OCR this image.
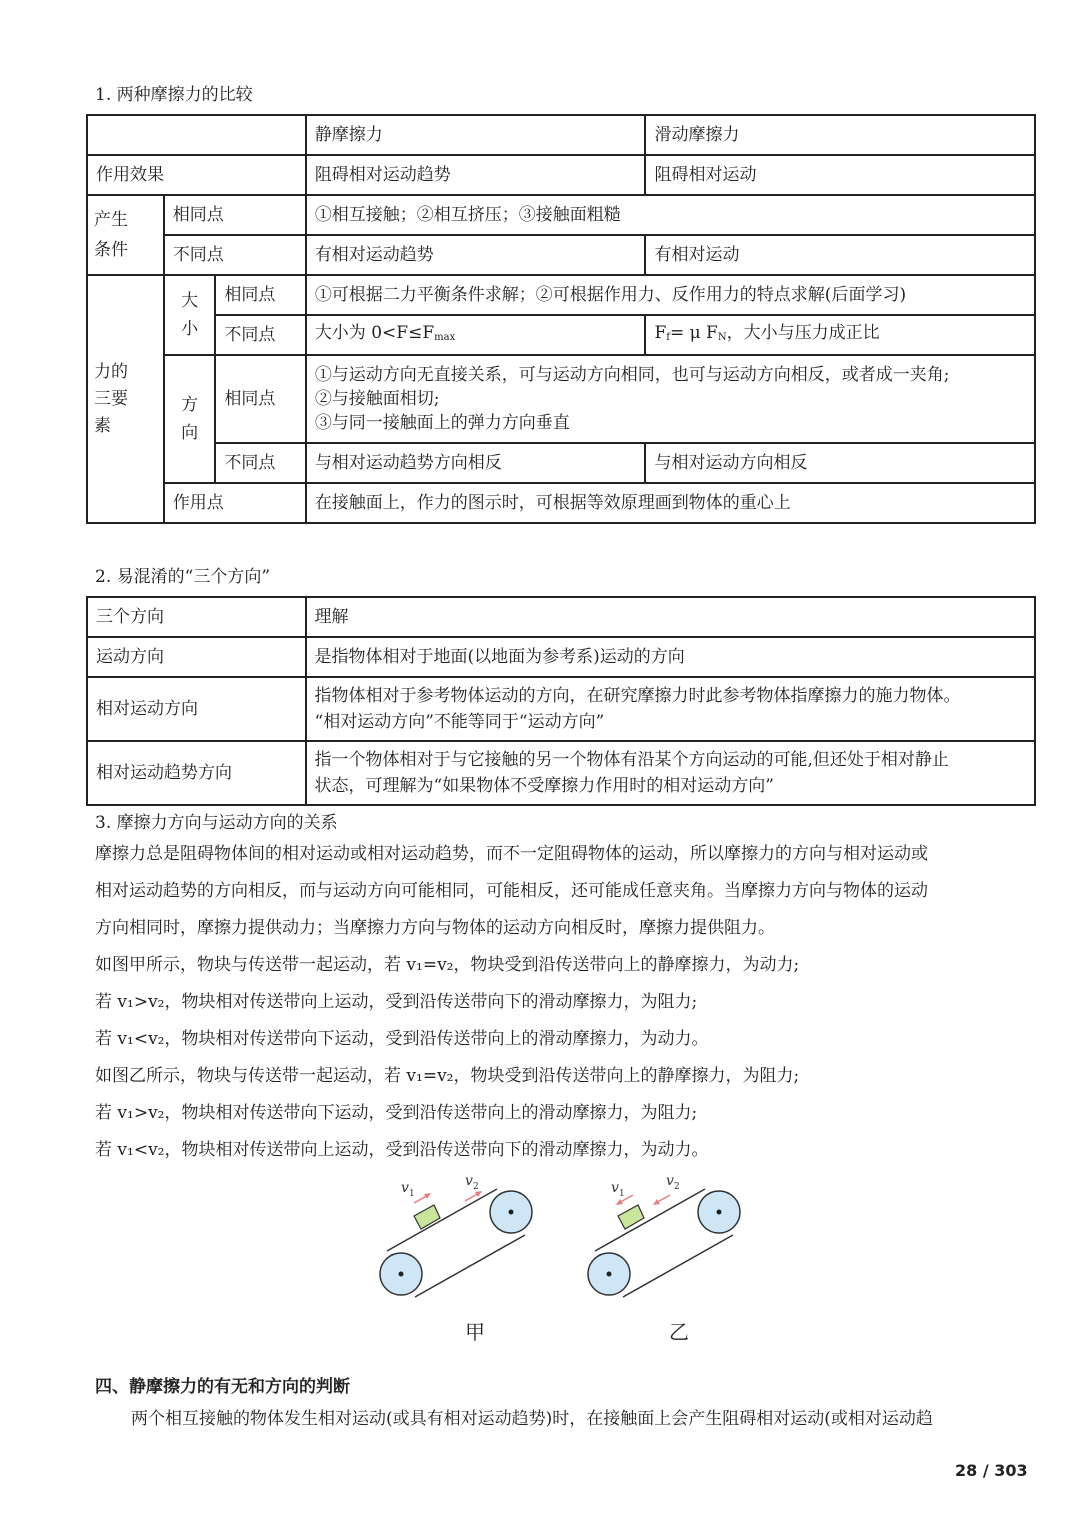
1. 两种摩擦力的比较
			静摩擦力	滑动摩擦力
作用效果			阻碍相对运动趋势	阻碍相对运动

产生条件	相同点		①相互接触；②相互挤压；③接触面粗糙	
	不同点		有相对运动趋势	有相对运动

力的三要素	大小	相同点	①可根据二力平衡条件求解；②可根据作用力、反作用力的特点求解(后面学习)	
		不同点	大小为 $0<F\le F_{max}$	$F_f= \mu$ $F_N$，大小与压力成正比

	方向	相同点	①与运动方向无直接关系，可与运动方向相同，也可与运动方向相反，或者成一夹角;
②与接触面相切;
③与同一接触面上的弹力方向垂直	

		不同点	与相对运动趋势方向相反	与相对运动方向相反
	作用点		在接触面上，作力的图示时，可根据等效原理画到物体的重心上	
2. 易混淆的“三个方向”
三个方向	理解
运动方向	是指物体相对于地面(以地面为参考系)运动的方向
相对运动方向	指物体相对于参考物体运动的方向，在研究摩擦力时此参考物体指摩擦力的施力物体。
“相对运动方向”不能等同于“运动方向”

相对运动趋势方向	指一个物体相对于与它接触的另一个物体有沿某个方向运动的可能,但还处于相对静止
状态，可理解为“如果物体不受摩擦力作用时的相对运动方向”
3. 摩擦力方向与运动方向的关系
摩擦力总是阻碍物体间的相对运动或相对运动趋势，而不一定阻碍物体的运动，所以摩擦力的方向与相对运动或
相对运动趋势的方向相反，而与运动方向可能相同，可能相反，还可能成任意夹角。当摩擦力方向与物体的运动
方向相同时，摩擦力提供动力；当摩擦力方向与物体的运动方向相反时，摩擦力提供阻力。
如图甲所示，物块与传送带一起运动，若 v₁=v₂，物块受到沿传送带向上的静摩擦力，为动力;
若 v₁>v₂，物块相对传送带向上运动，受到沿传送带向下的滑动摩擦力，为阻力;
若 v₁<v₂，物块相对传送带向下运动，受到沿传送带向上的滑动摩擦力，为动力。
如图乙所示，物块与传送带一起运动，若 v₁=v₂，物块受到沿传送带向上的静摩擦力，为阻力;
若 v₁>v₂，物块相对传送带向下运动，受到沿传送带向上的滑动摩擦力，为阻力;
若 v₁<v₂，物块相对传送带向上运动，受到沿传送带向下的滑动摩擦力，为动力。
v 1
v 2	v 1
v 2
甲	乙
四、静摩擦力的有无和方向的判断
两个相互接触的物体发生相对运动(或具有相对运动趋势)时，在接触面上会产生阻碍相对运动(或相对运动趋
28 / 303
